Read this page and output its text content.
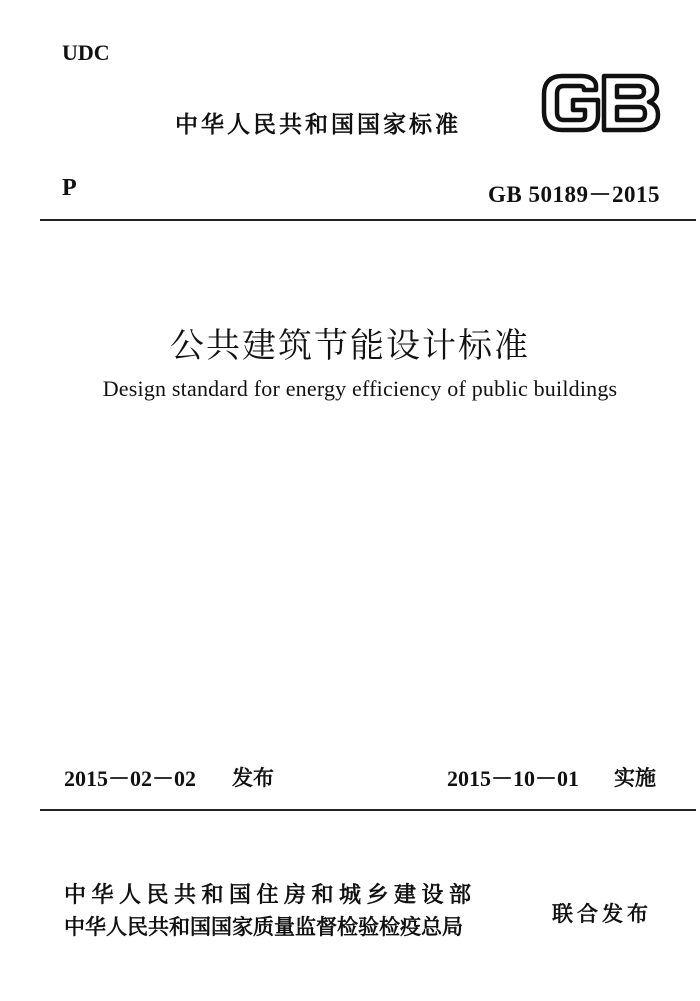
UDC
中华人民共和国国家标准
P	GB 50189－2015
公共建筑节能设计标准
Design standard for energy efficiency of public buildings
2015－02－02 发布	2015－10－01 实施
中华人民共和国住房和城乡建设部
中华人民共和国国家质量监督检验检疫总局
联合发布
